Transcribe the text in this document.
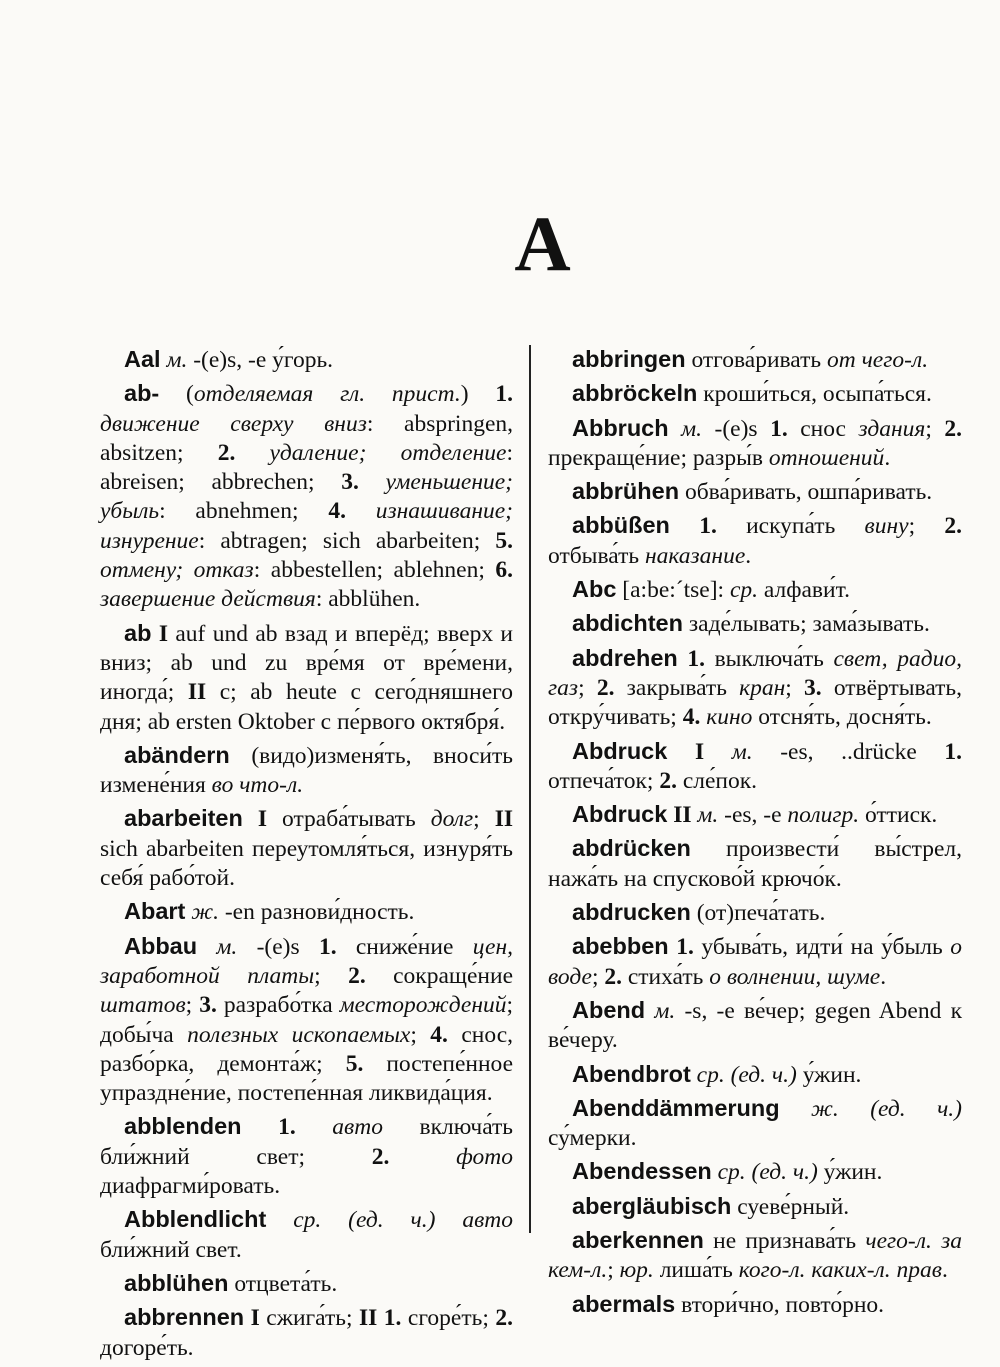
A

Aal м. -(e)s, -e у́горь.

ab- (отделяемая гл. прист.) 1. движение сверху вниз: abspringen, absitzen; 2. удаление; отделение: abreisen; abbrechen; 3. уменьшение; убыль: abnehmen; 4. изнашивание; изнурение: abtragen; sich abarbeiten; 5. отмену; отказ: abbestellen; ablehnen; 6. завершение действия: abblühen.

ab I auf und ab взад и вперёд; вверх и вниз; ab und zu вре́мя от вре́мени, иногда́; II с; ab heute с сего́дняшнего дня; ab ersten Oktober с пе́рвого октября́.

abändern (видо)изменя́ть, вноси́ть измене́ния во что-л.

abarbeiten I отраба́тывать долг; II sich abarbeiten переутомля́ться, изнуря́ть себя́ рабо́той.

Abart ж. -en разнови́дность.

Abbau м. -(e)s 1. сниже́ние цен, заработной платы; 2. сокраще́ние штатов; 3. разрабо́тка месторождений; добы́ча полезных ископаемых; 4. снос, разбо́рка, демонта́ж; 5. постепе́нное упраздне́ние, постепе́нная ликвида́ция.

abblenden 1. авто включа́ть бли́жний свет; 2.	фото диафрагми́ровать.

Abblendlicht ср. (ед. ч.) авто бли́жний свет.

abblühen отцвета́ть.

abbrennen I сжига́ть; II 1. сгоре́ть; 2. догоре́ть.

abbringen отгова́ривать от чего-л.

abbröckeln кроши́ться, осыпа́ться.

Abbruch м. -(e)s 1. снос здания; 2. прекраще́ние; разры́в отношений.

abbrühen обва́ривать, ошпа́ривать.

abbüßen 1. искупа́ть вину; 2. отбыва́ть наказание.

Abc [a:be:´tse]: ср. алфави́т.

abdichten заде́лывать; зама́зывать.

abdrehen 1. выключа́ть свет, радио, газ; 2. закрыва́ть кран; 3. отвёртывать, откру́чивать; 4. кино отсня́ть, досня́ть.

Abdruck I м. -es, ..drücke 1. отпеча́ток; 2. сле́пок.

Abdruck II м. -es, -e полигр. о́ттиск.

abdrücken произвести́ вы́стрел, нажа́ть на спусково́й крючо́к.

abdrucken (от)печа́тать.

abebben 1. убыва́ть, идти́ на у́быль о воде; 2. стиха́ть о волнении, шуме.

Abend м. -s, -e ве́чер; gegen Abend к ве́черу.

Abendbrot ср. (ед. ч.) у́жин.

Abenddämmerung ж. (ед. ч.) су́мерки.

Abendessen ср. (ед. ч.) у́жин.

abergläubisch суеве́рный.

aberkennen не признава́ть чего-л. за кем-л.; юр. лиша́ть кого-л. каких-л. прав.

abermals втори́чно, повто́рно.
